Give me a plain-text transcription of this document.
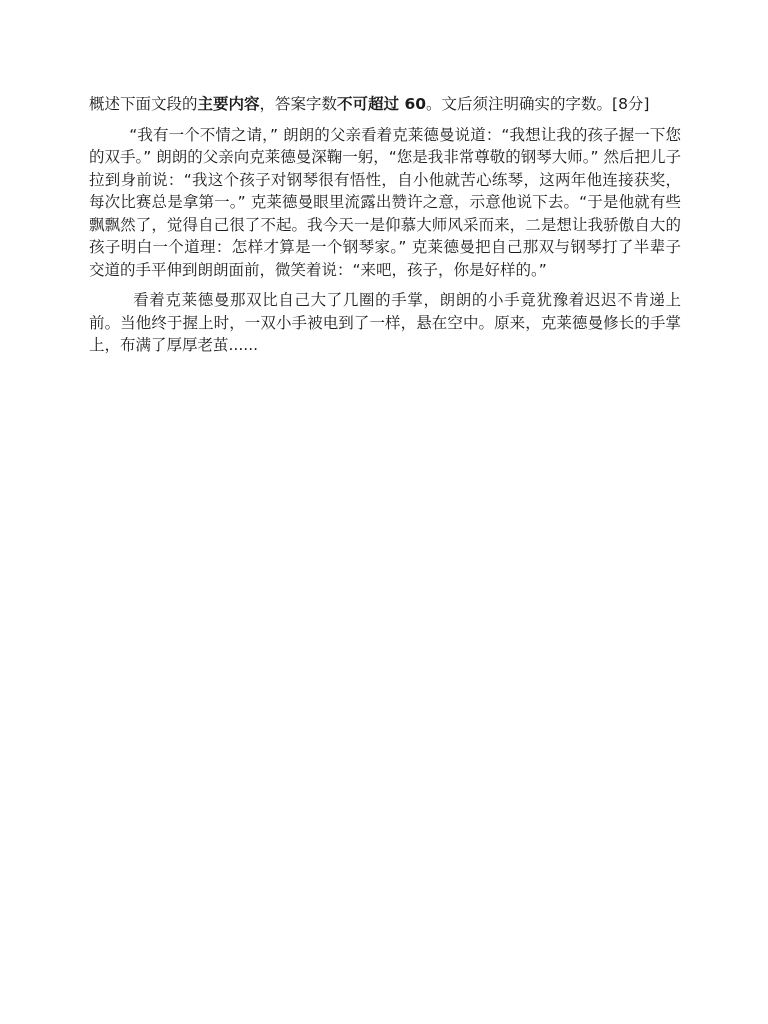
概述下面文段的主要内容，答案字数不可超过 60。文后须注明确实的字数。[8分]

“我有一个不情之请，” 朗朗的父亲看着克莱德曼说道：“我想让我的孩子握一下您的双手。” 朗朗的父亲向克莱德曼深鞠一躬，“您是我非常尊敬的钢琴大师。” 然后把儿子拉到身前说：“我这个孩子对钢琴很有悟性，自小他就苦心练琴，这两年他连接获奖，每次比赛总是拿第一。” 克莱德曼眼里流露出赞许之意，示意他说下去。“于是他就有些飘飘然了，觉得自己很了不起。我今天一是仰慕大师风采而来，二是想让我骄傲自大的孩子明白一个道理：怎样才算是一个钢琴家。” 克莱德曼把自己那双与钢琴打了半辈子交道的手平伸到朗朗面前，微笑着说：“来吧，孩子，你是好样的。”

看着克莱德曼那双比自己大了几圈的手掌，朗朗的小手竟犹豫着迟迟不肯递上前。当他终于握上时，一双小手被电到了一样，悬在空中。原来，克莱德曼修长的手掌上，布满了厚厚老茧......
